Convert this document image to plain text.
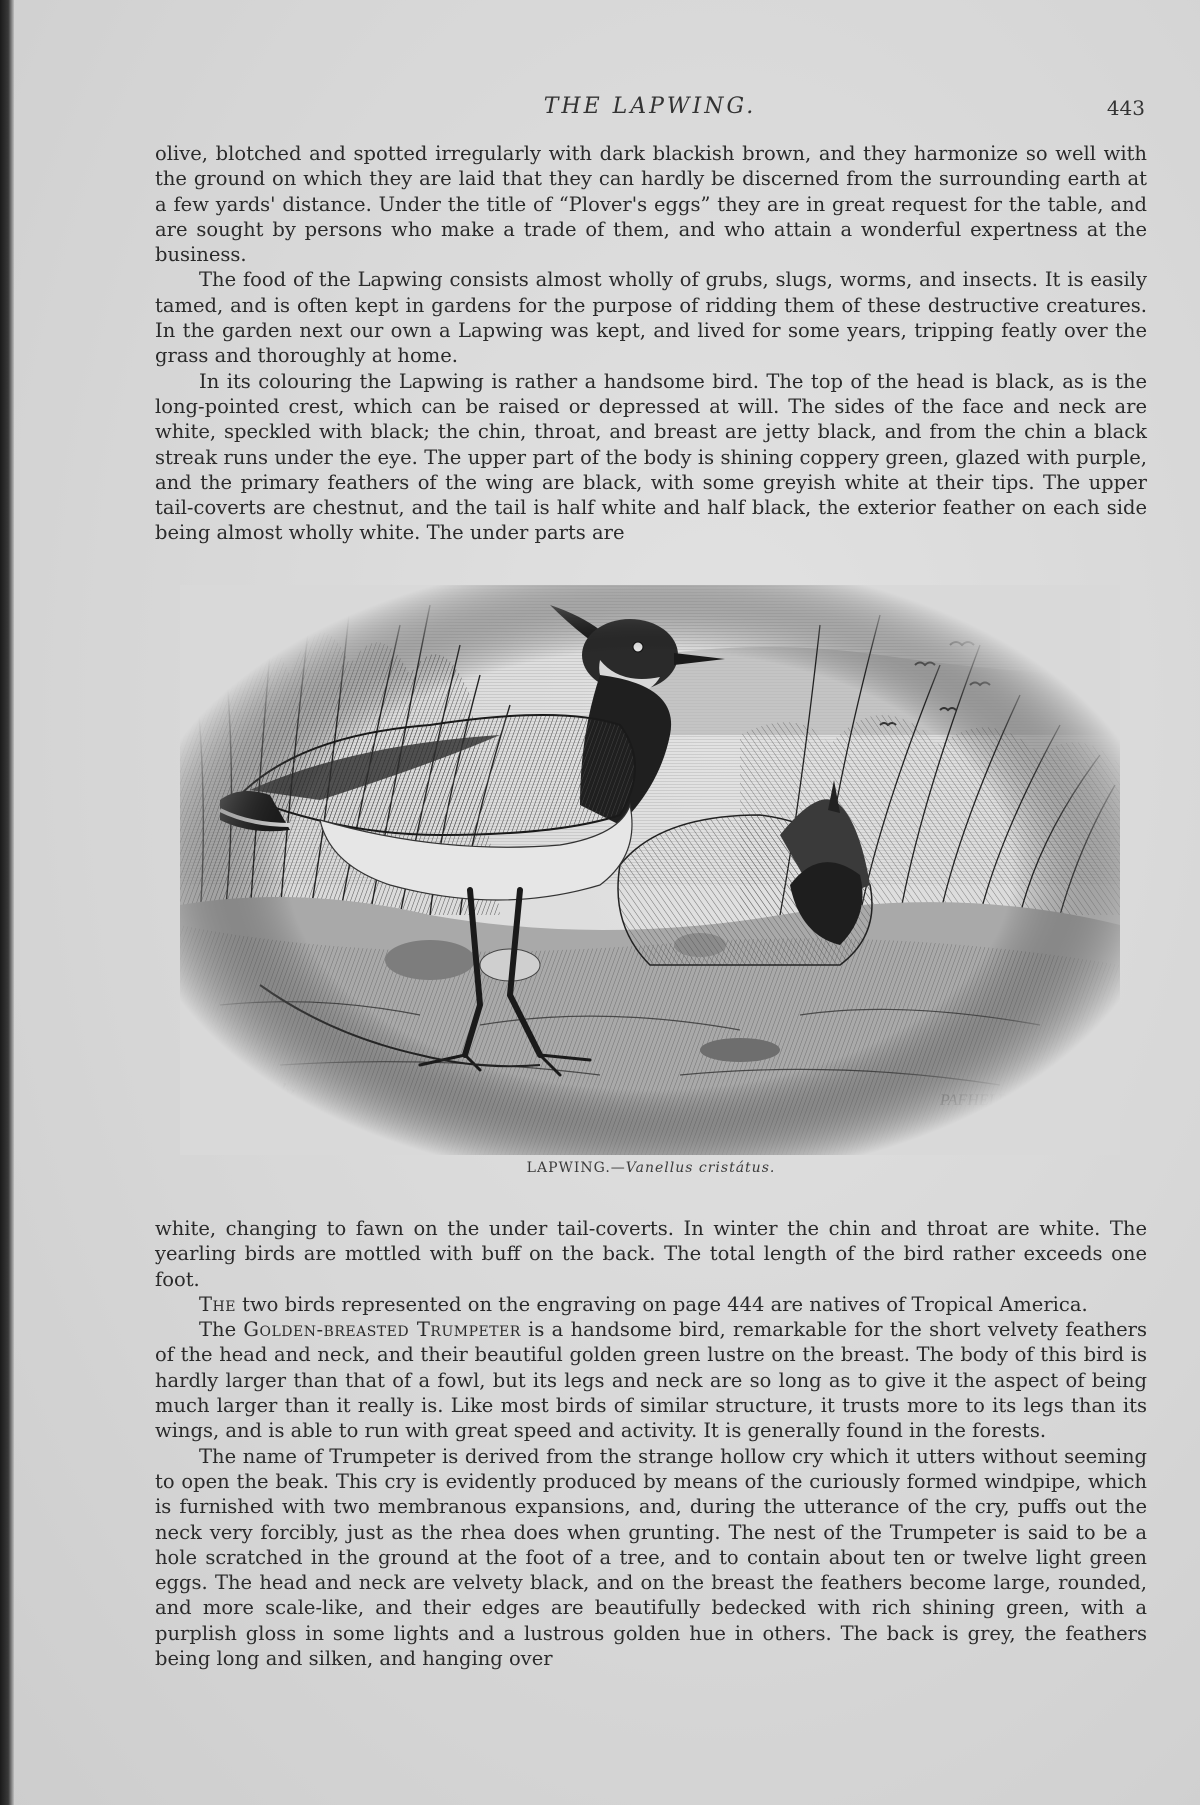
THE LAPWING.	443

olive, blotched and spotted irregularly with dark blackish brown, and they harmonize so well with the ground on which they are laid that they can hardly be discerned from the surrounding earth at a few yards' distance. Under the title of “Plover's eggs” they are in great request for the table, and are sought by persons who make a trade of them, and who attain a wonderful expertness at the business.

The food of the Lapwing consists almost wholly of grubs, slugs, worms, and insects. It is easily tamed, and is often kept in gardens for the purpose of ridding them of these destructive creatures. In the garden next our own a Lapwing was kept, and lived for some years, tripping featly over the grass and thoroughly at home.

In its colouring the Lapwing is rather a handsome bird. The top of the head is black, as is the long-pointed crest, which can be raised or depressed at will. The sides of the face and neck are white, speckled with black; the chin, throat, and breast are jetty black, and from the chin a black streak runs under the eye. The upper part of the body is shining coppery green, glazed with purple, and the primary feathers of the wing are black, with some greyish white at their tips. The upper tail-coverts are chestnut, and the tail is half white and half black, the exterior feather on each side being almost wholly white. The under parts are

LAPWING.—Vanellus cristátus.

white, changing to fawn on the under tail-coverts. In winter the chin and throat are white. The yearling birds are mottled with buff on the back. The total length of the bird rather exceeds one foot.

The two birds represented on the engraving on page 444 are natives of Tropical America.

The Golden-breasted Trumpeter is a handsome bird, remarkable for the short velvety feathers of the head and neck, and their beautiful golden green lustre on the breast. The body of this bird is hardly larger than that of a fowl, but its legs and neck are so long as to give it the aspect of being much larger than it really is. Like most birds of similar structure, it trusts more to its legs than its wings, and is able to run with great speed and activity. It is generally found in the forests.

The name of Trumpeter is derived from the strange hollow cry which it utters without seeming to open the beak. This cry is evidently produced by means of the curiously formed windpipe, which is furnished with two membranous expansions, and, during the utterance of the cry, puffs out the neck very forcibly, just as the rhea does when grunting. The nest of the Trumpeter is said to be a hole scratched in the ground at the foot of a tree, and to contain about ten or twelve light green eggs. The head and neck are velvety black, and on the breast the feathers become large, rounded, and more scale-like, and their edges are beautifully bedecked with rich shining green, with a purplish gloss in some lights and a lustrous golden hue in others. The back is grey, the feathers being long and silken, and hanging over
